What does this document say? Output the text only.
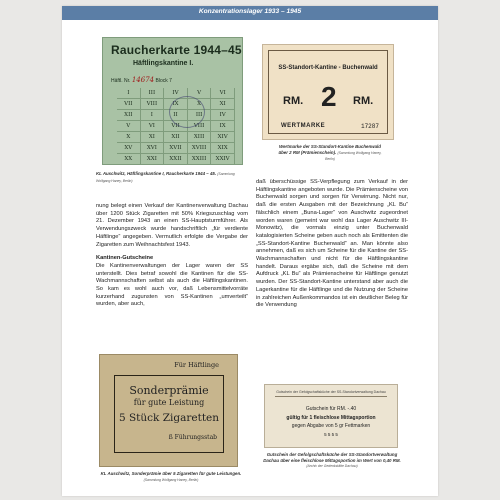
Konzentrationslager 1933 – 1945
Raucherkarte 1944–45
Häftlingskantine I.
Häftl. Nr. 14674 Block 7
I	III	IV	V	VI
VII	VIII	IX	X	XI
XII	I	II	III	IV
V	VI	VII	VIII	IX
X	XI	XII	XIII	XIV
XV	XVI	XVII	XVIII	XIX
XX	XXI	XXII	XXIII	XXIV
KL Auschwitz, Häftlingskantine I, Raucherkarte 1944 – 45. (Sammlung Wolfgang Haney, Berlin)
SS-Standort-Kantine - Buchenwald
RM. 2 RM.
WERTMARKE	17287
Wertmarke der SS-Standort-Kantine Buchenwald über 2 RM (Prämienschein). (Sammlung Wolfgang Haney, Berlin)

nung belegt einen Verkauf der Kantinenverwaltung Dachau über 1200 Stück Zigaretten mit 50% Kriegszuschlag vom 21. Dezember 1943 an einen SS-Hauptsturmführer. Als Verwendungszweck wurde handschriftlich „für verdiente Häftlinge“ angegeben. Vermutlich erfolgte die Vergabe der Zigaretten zum Weihnachtsfest 1943.

Kantinen-Gutscheine

Die Kantinenverwaltungen der Lager waren der SS unterstellt. Dies betraf sowohl die Kantinen für die SS-Wachmannschaften selbst als auch die Häftlingskantinen. So kam es wohl auch vor, daß Lebensmittelvorräte kurzerhand zugunsten von SS-Kantinen „umverteilt“ wurden, aber auch,

daß überschüssige SS-Verpflegung zum Verkauf in der Häftlingskantine angeboten wurde. Die Prämienscheine von Buchenwald sorgen und sorgen für Verwirrung. Nicht nur, daß die ersten Ausgaben mit der Bezeichnung „KL Bu“ fälschlich einem „Buna-Lager“ von Auschwitz zugeordnet worden waren (gemeint war wohl das Lager Auschwitz III-Monowitz), die vormals einzig unter Buchenwald katalogisierten Scheine geben auch noch als Emittenten die „SS-Standort-Kantine Buchenwald“ an. Man könnte also annehmen, daß es sich um Scheine für die Kantine der SS-Wachmannschaften und nicht für die Häftlingskantine handelt. Daraus ergäbe sich, daß die Scheine mit dem Aufdruck „KL Bu“ als Prämienscheine für Häftlinge genutzt wurden. Der SS-Standort-Kantine unterstand aber auch die Lagerkantine für die Häftlinge und die Nutzung der Scheine in zahlreichen Außenkommandos ist ein deutlicher Beleg für die Verwendung

Für Häftlinge
Sonderprämie
für gute Leistung
5 Stück Zigaretten
ß Führungsstab
KL Auschwitz, Sonderprämie über 5 Zigaretten für gute Leistungen. (Sammlung Wolfgang Haney, Berlin)
Gutschein der Gefolgschaftsküche der SS-Standortverwaltung Dachau
Gutschein für RM. -.40
gültig für 1 fleischlose Mittagsportion
gegen Abgabe von 5 gr Fettmarken
5 5 5 5
Gutschein der Gefolgschaftsküche der SS-Standortverwaltung Dachau über eine fleischlose Mittagsportion im Wert von 0,40 RM. (Archiv der Gedenkstätte Dachau)
